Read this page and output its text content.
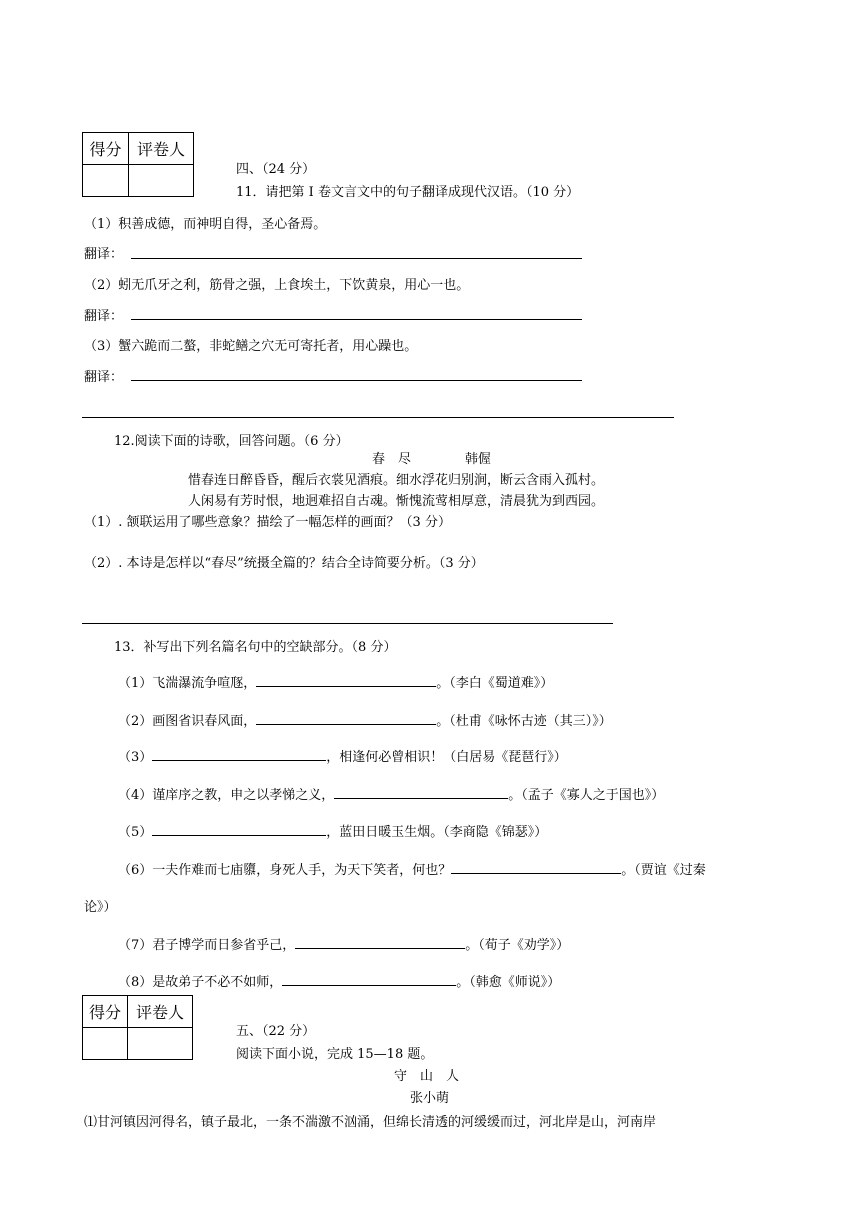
得分	评卷人

四、（24 分）
11．请把第 I 卷文言文中的句子翻译成现代汉语。（10 分）
（1）积善成德，而神明自得，圣心备焉。
翻译：
（2）蚓无爪牙之利，筋骨之强，上食埃土，下饮黄泉，用心一也。
翻译：
（3）蟹六跪而二螯，非蛇鳝之穴无可寄托者，用心躁也。
翻译：
12.阅读下面的诗歌，回答问题。（6 分）
春　尽	韩偓
惜春连日醉昏昏，醒后衣裳见酒痕。细水浮花归别涧，断云含雨入孤村。
人闲易有芳时恨，地迥难招自古魂。惭愧流莺相厚意，清晨犹为到西园。
（1）. 颔联运用了哪些意象？描绘了一幅怎样的画面？（3 分）
（2）. 本诗是怎样以“春尽”统摄全篇的？结合全诗简要分析。（3 分）
13．补写出下列名篇名句中的空缺部分。（8 分）
（1）飞湍瀑流争喧豗，	。（李白《蜀道难》）
（2）画图省识春风面，	。（杜甫《咏怀古迹（其三）》）
（3）	，相逢何必曾相识！（白居易《琵琶行》）
（4）谨庠序之教，申之以孝悌之义，	。（孟子《寡人之于国也》）
（5）	，蓝田日暖玉生烟。（李商隐《锦瑟》）
（6）一夫作难而七庙隳，身死人手，为天下笑者，何也？	。（贾谊《过秦
论》）
（7）君子博学而日参省乎己，	。（荀子《劝学》）
（8）是故弟子不必不如师，	。（韩愈《师说》）
得分	评卷人

五、（22 分）
阅读下面小说，完成 15—18 题。
守　山　人
张小萌
⑴甘河镇因河得名，镇子最北，一条不湍激不汹涌，但绵长清透的河缓缓而过，河北岸是山，河南岸
